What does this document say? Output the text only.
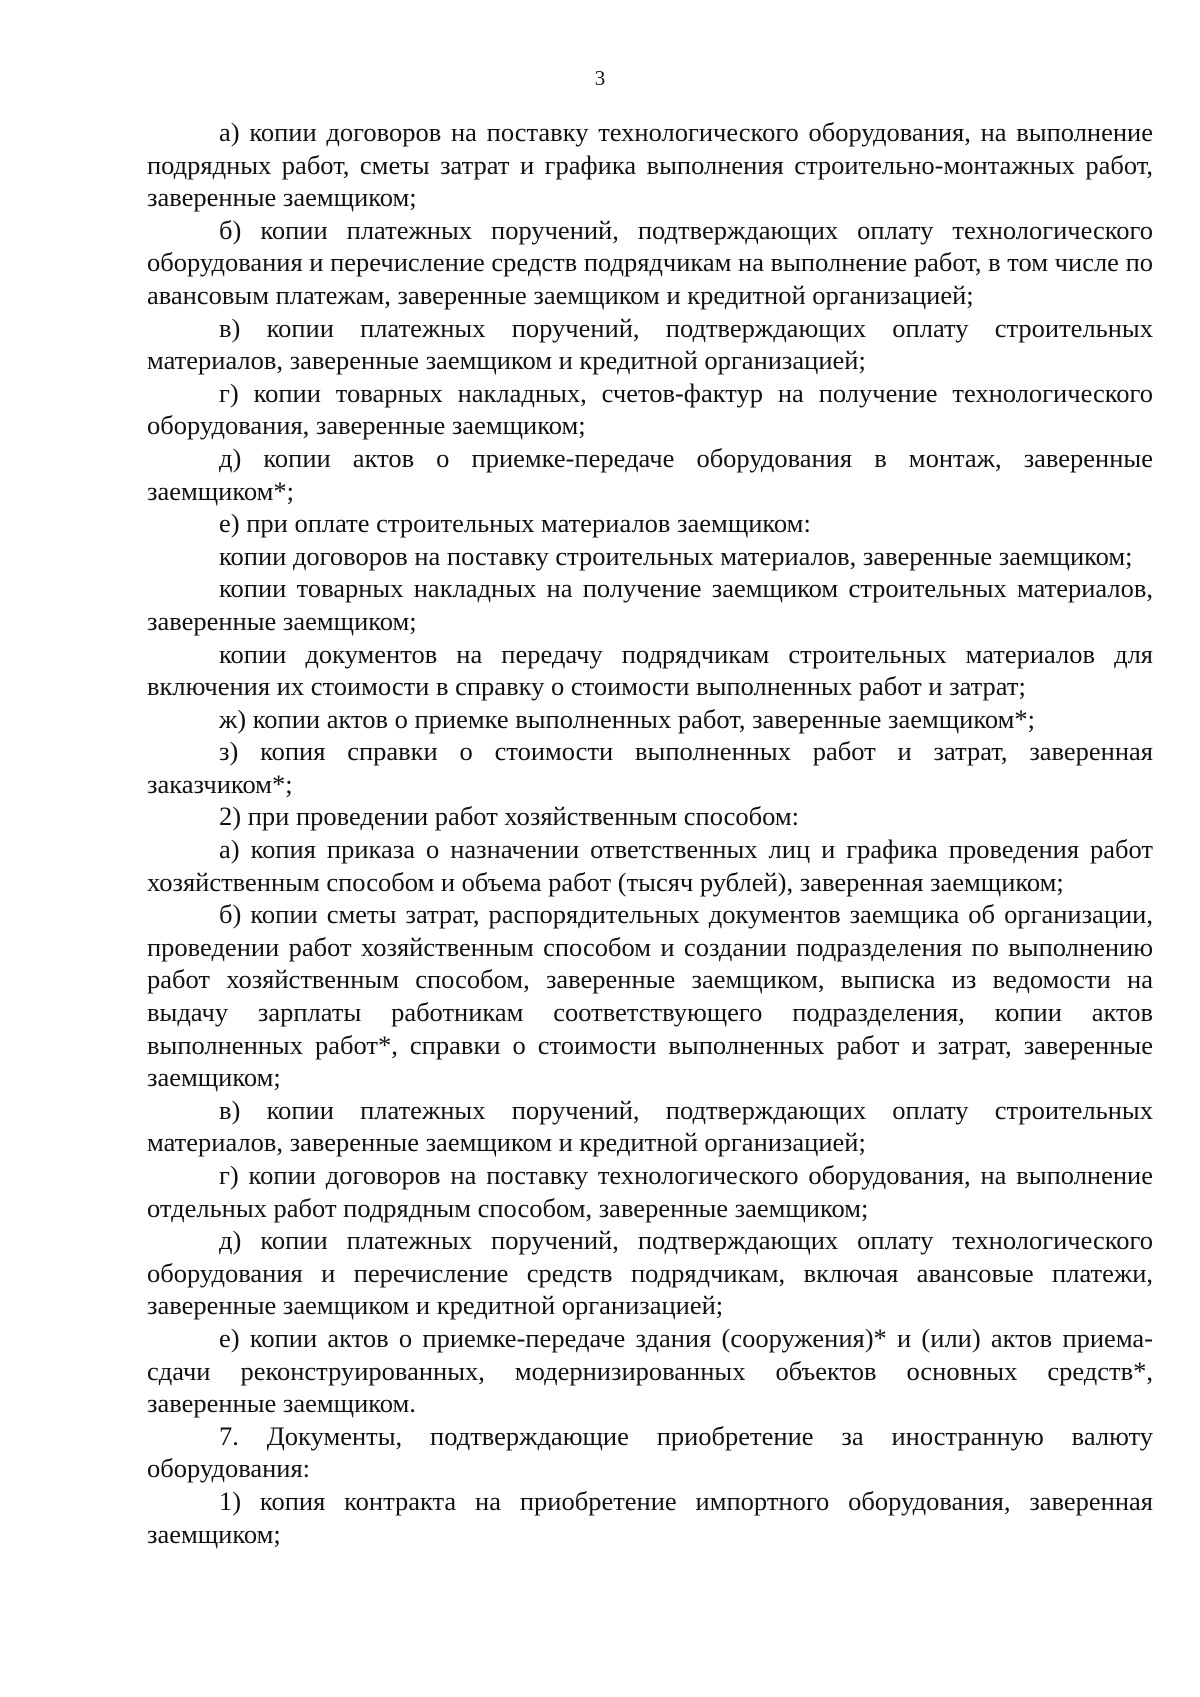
3

а) копии договоров на поставку технологического оборудования, на выполнение подрядных работ, сметы затрат и графика выполнения строительно-монтажных работ, заверенные заемщиком;

б) копии платежных поручений, подтверждающих оплату технологического оборудования и перечисление средств подрядчикам на выполнение работ, в том числе по авансовым платежам, заверенные заемщиком и кредитной организацией;

в) копии платежных поручений, подтверждающих оплату строительных материалов, заверенные заемщиком и кредитной организацией;

г) копии товарных накладных, счетов-фактур на получение технологического оборудования, заверенные заемщиком;

д) копии актов о приемке-передаче оборудования в монтаж, заверенные заемщиком*;

е) при оплате строительных материалов заемщиком:

копии договоров на поставку строительных материалов, заверенные заемщиком;

копии товарных накладных на получение заемщиком строительных материалов, заверенные заемщиком;

копии документов на передачу подрядчикам строительных материалов для включения их стоимости в справку о стоимости выполненных работ и затрат;

ж) копии актов о приемке выполненных работ, заверенные заемщиком*;

з) копия справки о стоимости выполненных работ и затрат, заверенная заказчиком*;

2) при проведении работ хозяйственным способом:

а) копия приказа о назначении ответственных лиц и графика проведения работ хозяйственным способом и объема работ (тысяч рублей), заверенная заемщиком;

б) копии сметы затрат, распорядительных документов заемщика об организации, проведении работ хозяйственным способом и создании подразделения по выполнению работ хозяйственным способом, заверенные заемщиком, выписка из ведомости на выдачу зарплаты работникам соответствующего подразделения, копии актов выполненных работ*, справки о стоимости выполненных работ и затрат, заверенные заемщиком;

в) копии платежных поручений, подтверждающих оплату строительных материалов, заверенные заемщиком и кредитной организацией;

г) копии договоров на поставку технологического оборудования, на выполнение отдельных работ подрядным способом, заверенные заемщиком;

д) копии платежных поручений, подтверждающих оплату технологического оборудования и перечисление средств подрядчикам, включая авансовые платежи, заверенные заемщиком и кредитной организацией;

е) копии актов о приемке-передаче здания (сооружения)* и (или) актов приема-сдачи реконструированных, модернизированных объектов основных средств*, заверенные заемщиком.

7. Документы, подтверждающие приобретение за иностранную валюту оборудования:

1) копия контракта на приобретение импортного оборудования, заверенная заемщиком;
